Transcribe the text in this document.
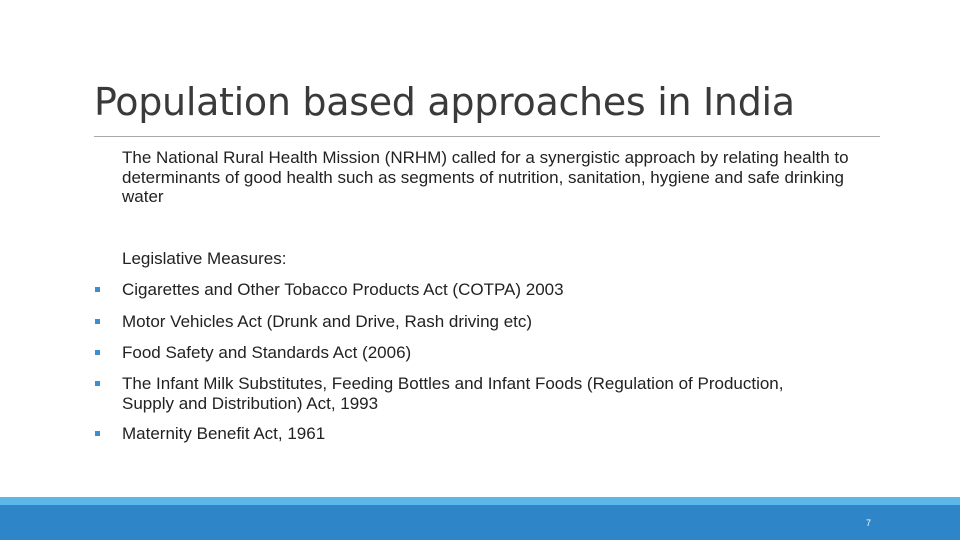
Population based approaches in India
The National Rural Health Mission (NRHM) called for a synergistic approach by relating health to determinants of good health such as segments of nutrition, sanitation, hygiene and safe drinking water
Legislative Measures:
Cigarettes and Other Tobacco Products Act (COTPA) 2003
Motor Vehicles Act (Drunk and Drive, Rash driving etc)
Food Safety and Standards Act (2006)
The Infant Milk Substitutes, Feeding Bottles and Infant Foods (Regulation of Production, Supply and Distribution) Act, 1993
Maternity Benefit Act, 1961
7
